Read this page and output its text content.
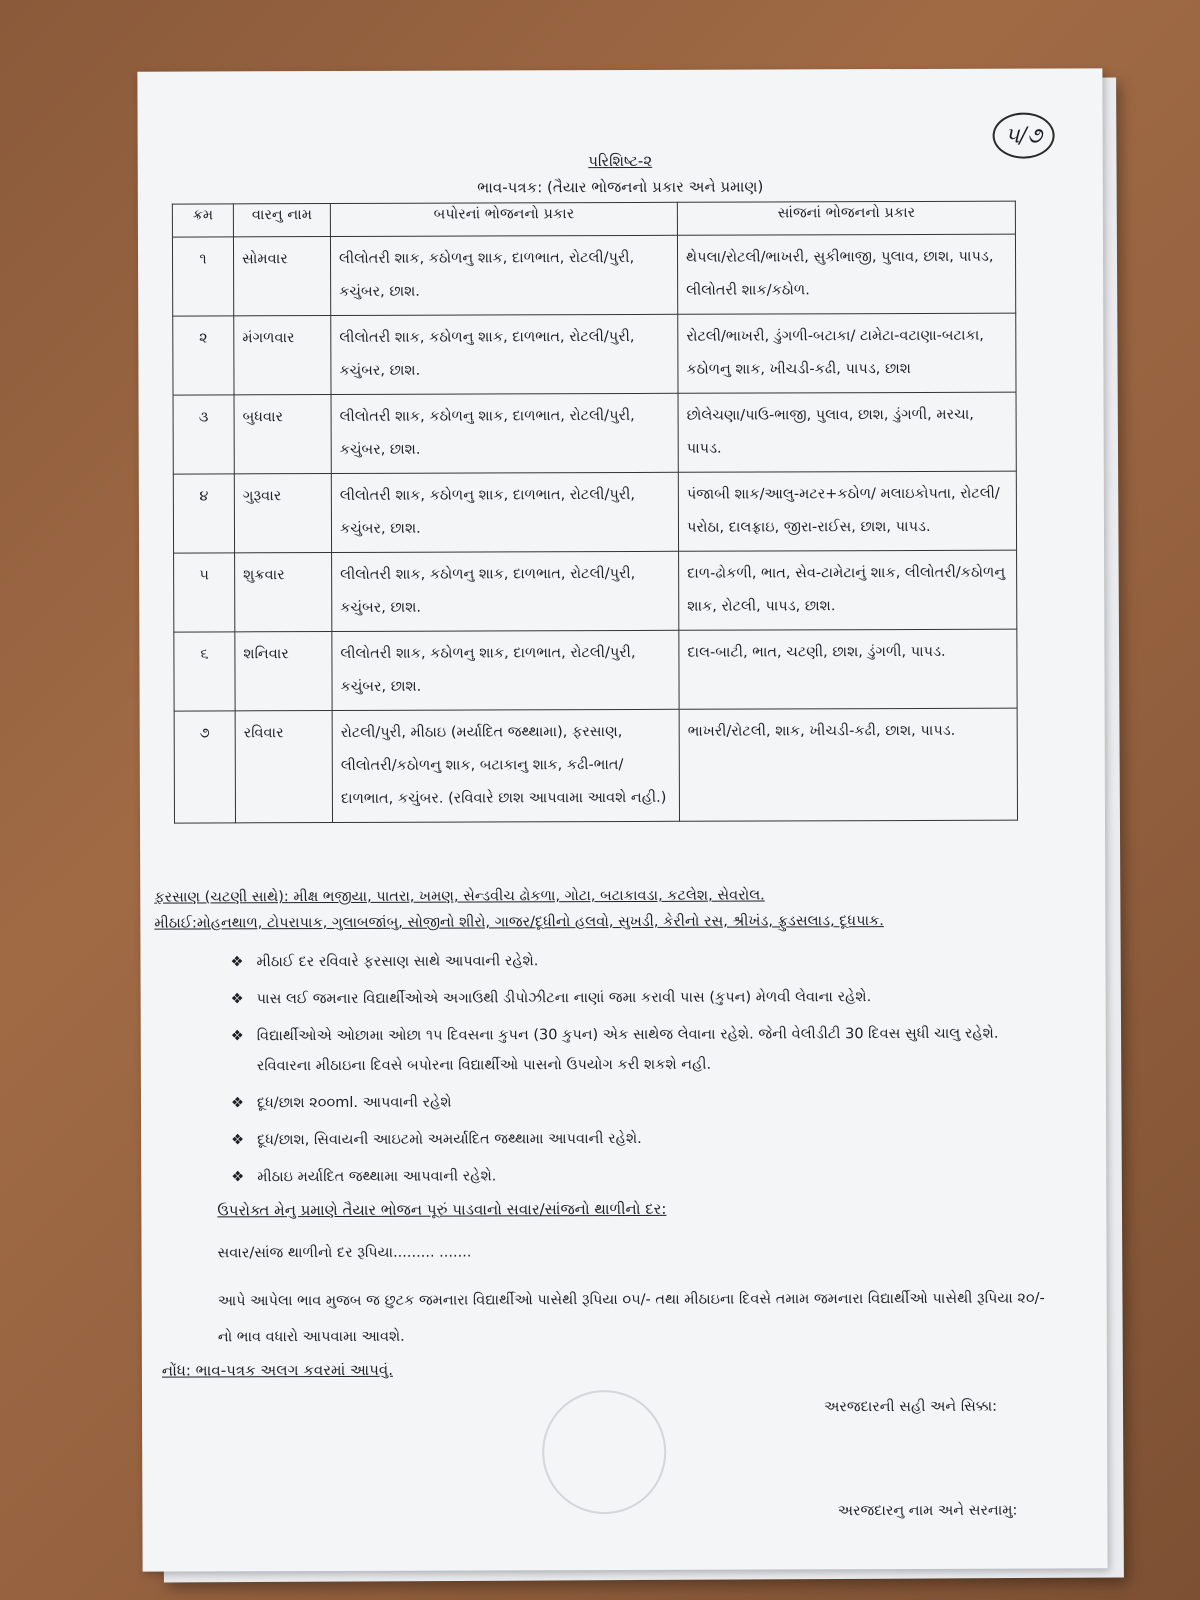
૫/૭
પરિશિષ્ટ-૨
ભાવ-પત્રક: (તૈયાર ભોજનનો પ્રકાર અને પ્રમાણ)
ક્રમ	વારનુ નામ	બપોરનાં ભોજનનો પ્રકાર	સાંજનાં ભોજનનો પ્રકાર
૧	સોમવાર	લીલોતરી શાક, કઠોળનુ શાક, દાળભાત, રોટલી/પુરી, કચુંબર, છાશ.	થેપલા/રોટલી/ભાખરી, સુકીભાજી, પુલાવ, છાશ, પાપડ, લીલોતરી શાક/કઠોળ.
૨	મંગળવાર	લીલોતરી શાક, કઠોળનુ શાક, દાળભાત, રોટલી/પુરી, કચુંબર, છાશ.	રોટલી/ભાખરી, ડુંગળી-બટાકા/ ટામેટા-વટાણા-બટાકા, કઠોળનુ શાક, ખીચડી-કઢી, પાપડ, છાશ
૩	બુધવાર	લીલોતરી શાક, કઠોળનુ શાક, દાળભાત, રોટલી/પુરી, કચુંબર, છાશ.	છોલેચણા/પાઉ-ભાજી, પુલાવ, છાશ, ડુંગળી, મરચા, પાપડ.
૪	ગુરૂવાર	લીલોતરી શાક, કઠોળનુ શાક, દાળભાત, રોટલી/પુરી, કચુંબર, છાશ.	પંજાબી શાક/આલુ-મટર+કઠોળ/ મલાઇકોપતા, રોટલી/પરોઠા, દાલફ્રાઇ, જીરા-રાઈસ, છાશ, પાપડ.
૫	શુક્રવાર	લીલોતરી શાક, કઠોળનુ શાક, દાળભાત, રોટલી/પુરી, કચુંબર, છાશ.	દાળ-ઢોકળી, ભાત, સેવ-ટામેટાનું શાક, લીલોતરી/કઠોળનુ શાક, રોટલી, પાપડ, છાશ.
૬	શનિવાર	લીલોતરી શાક, કઠોળનુ શાક, દાળભાત, રોટલી/પુરી, કચુંબર, છાશ.	દાલ-બાટી, ભાત, ચટણી, છાશ, ડુંગળી, પાપડ.
૭	રવિવાર	રોટલી/પુરી, મીઠાઇ (મર્યાદિત જથ્થામા), ફરસાણ, લીલોતરી/કઠોળનુ શાક, બટાકાનુ શાક, કઢી-ભાત/દાળભાત, કચુંબર. (રવિવારે છાશ આપવામા આવશે નહી.)	ભાખરી/રોટલી, શાક, ખીચડી-કઢી, છાશ, પાપડ.
ફરસાણ (ચટણી સાથે): મીક્ષ ભજીયા, પાતરા, ખમણ, સેન્ડવીચ ઢોકળા, ગોટા, બટાકાવડા, કટલેશ, સેવરોલ.
મીઠાઈ:મોહનથાળ, ટોપરાપાક, ગુલાબજાંબુ, સોજીનો શીરો, ગાજર/દૂધીનો હલવો, સુખડી, કેરીનો રસ, શ્રીખંડ, ફ્રુડસલાડ, દૂધપાક.
❖ મીઠાઈ દર રવિવારે ફરસાણ સાથે આપવાની રહેશે.
❖ પાસ લઈ જમનાર વિદ્યાર્થીઓએ અગાઉથી ડીપોઝીટના નાણાં જમા કરાવી પાસ (કુપન) મેળવી લેવાના રહેશે.
❖ વિદ્યાર્થીઓએ ઓછામા ઓછા ૧૫ દિવસના કુપન (30 કુપન) એક સાથેજ લેવાના રહેશે. જેની વેલીડીટી 30 દિવસ સુધી ચાલુ રહેશે. રવિવારના મીઠાઇના દિવસે બપોરના વિદ્યાર્થીઓ પાસનો ઉપયોગ કરી શકશે નહી.
❖ દૂધ/છાશ ૨૦૦ml. આપવાની રહેશે
❖ દૂધ/છાશ, સિવાયની આઇટમો અમર્યાદિત જથ્થામા આપવાની રહેશે.
❖ મીઠાઇ મર્યાદિત જથ્થામા આપવાની રહેશે.
ઉપરોક્ત મેનુ પ્રમાણે તૈયાર ભોજન પૂરું પાડવાનો સવાર/સાંજનો થાળીનો દર:
સવાર/સાંજ થાળીનો દર રૂપિયા......... .......
આપે આપેલા ભાવ મુજબ જ છુટક જમનારા વિદ્યાર્થીઓ પાસેથી રૂપિયા ૦૫/- તથા મીઠાઇના દિવસે તમામ જમનારા વિદ્યાર્થીઓ પાસેથી રૂપિયા ૨૦/-નો ભાવ વધારો આપવામા આવશે.
નોંધ: ભાવ-પત્રક અલગ કવરમાં આપવું.
અરજદારની સહી અને સિક્કા:
અરજદારનુ નામ અને સરનામુ:
